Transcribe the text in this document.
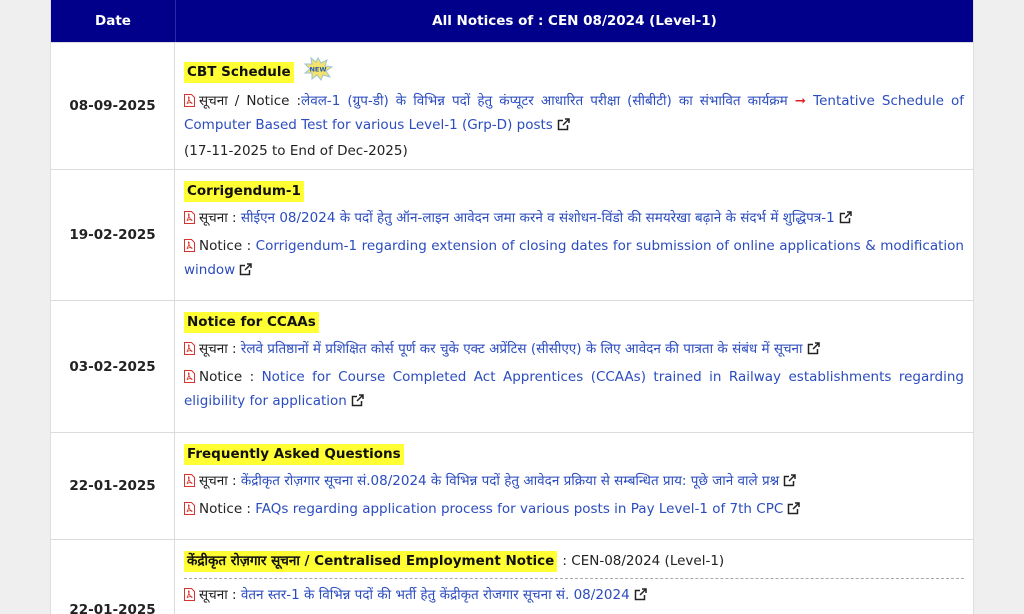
Date	All Notices of : CEN 08/2024 (Level-1)
08-09-2025
CBT Schedule	NEW
सूचना / Notice :लेवल-1 (ग्रुप-डी) के विभिन्न पदों हेतु कंप्यूटर आधारित परीक्षा (सीबीटी) का संभावित कार्यक्रम ➞ Tentative Schedule of Computer Based Test for various Level-1 (Grp-D) posts
(17-11-2025 to End of Dec-2025)
19-02-2025
Corrigendum-1
सूचना : सीईएन 08/2024 के पदों हेतु ऑन-लाइन आवेदन जमा करने व संशोधन-विंडो की समयरेखा बढ़ाने के संदर्भ में शुद्धिपत्र-1
Notice : Corrigendum-1 regarding extension of closing dates for submission of online applications & modification window
03-02-2025
Notice for CCAAs
सूचना : रेलवे प्रतिष्ठानों में प्रशिक्षित कोर्स पूर्ण कर चुके एक्ट अप्रेंटिस (सीसीएए) के लिए आवेदन की पात्रता के संबंध में सूचना
Notice : Notice for Course Completed Act Apprentices (CCAAs) trained in Railway establishments regarding eligibility for application
22-01-2025
Frequently Asked Questions
सूचना : केंद्रीकृत रोज़गार सूचना सं.08/2024 के विभिन्न पदों हेतु आवेदन प्रक्रिया से सम्बन्धित प्राय: पूछे जाने वाले प्रश्न
Notice : FAQs regarding application process for various posts in Pay Level-1 of 7th CPC
22-01-2025
केंद्रीकृत रोज़गार सूचना / Centralised Employment Notice : CEN-08/2024 (Level-1)
सूचना : वेतन स्तर-1 के विभिन्न पदों की भर्ती हेतु केंद्रीकृत रोजगार सूचना सं. 08/2024
